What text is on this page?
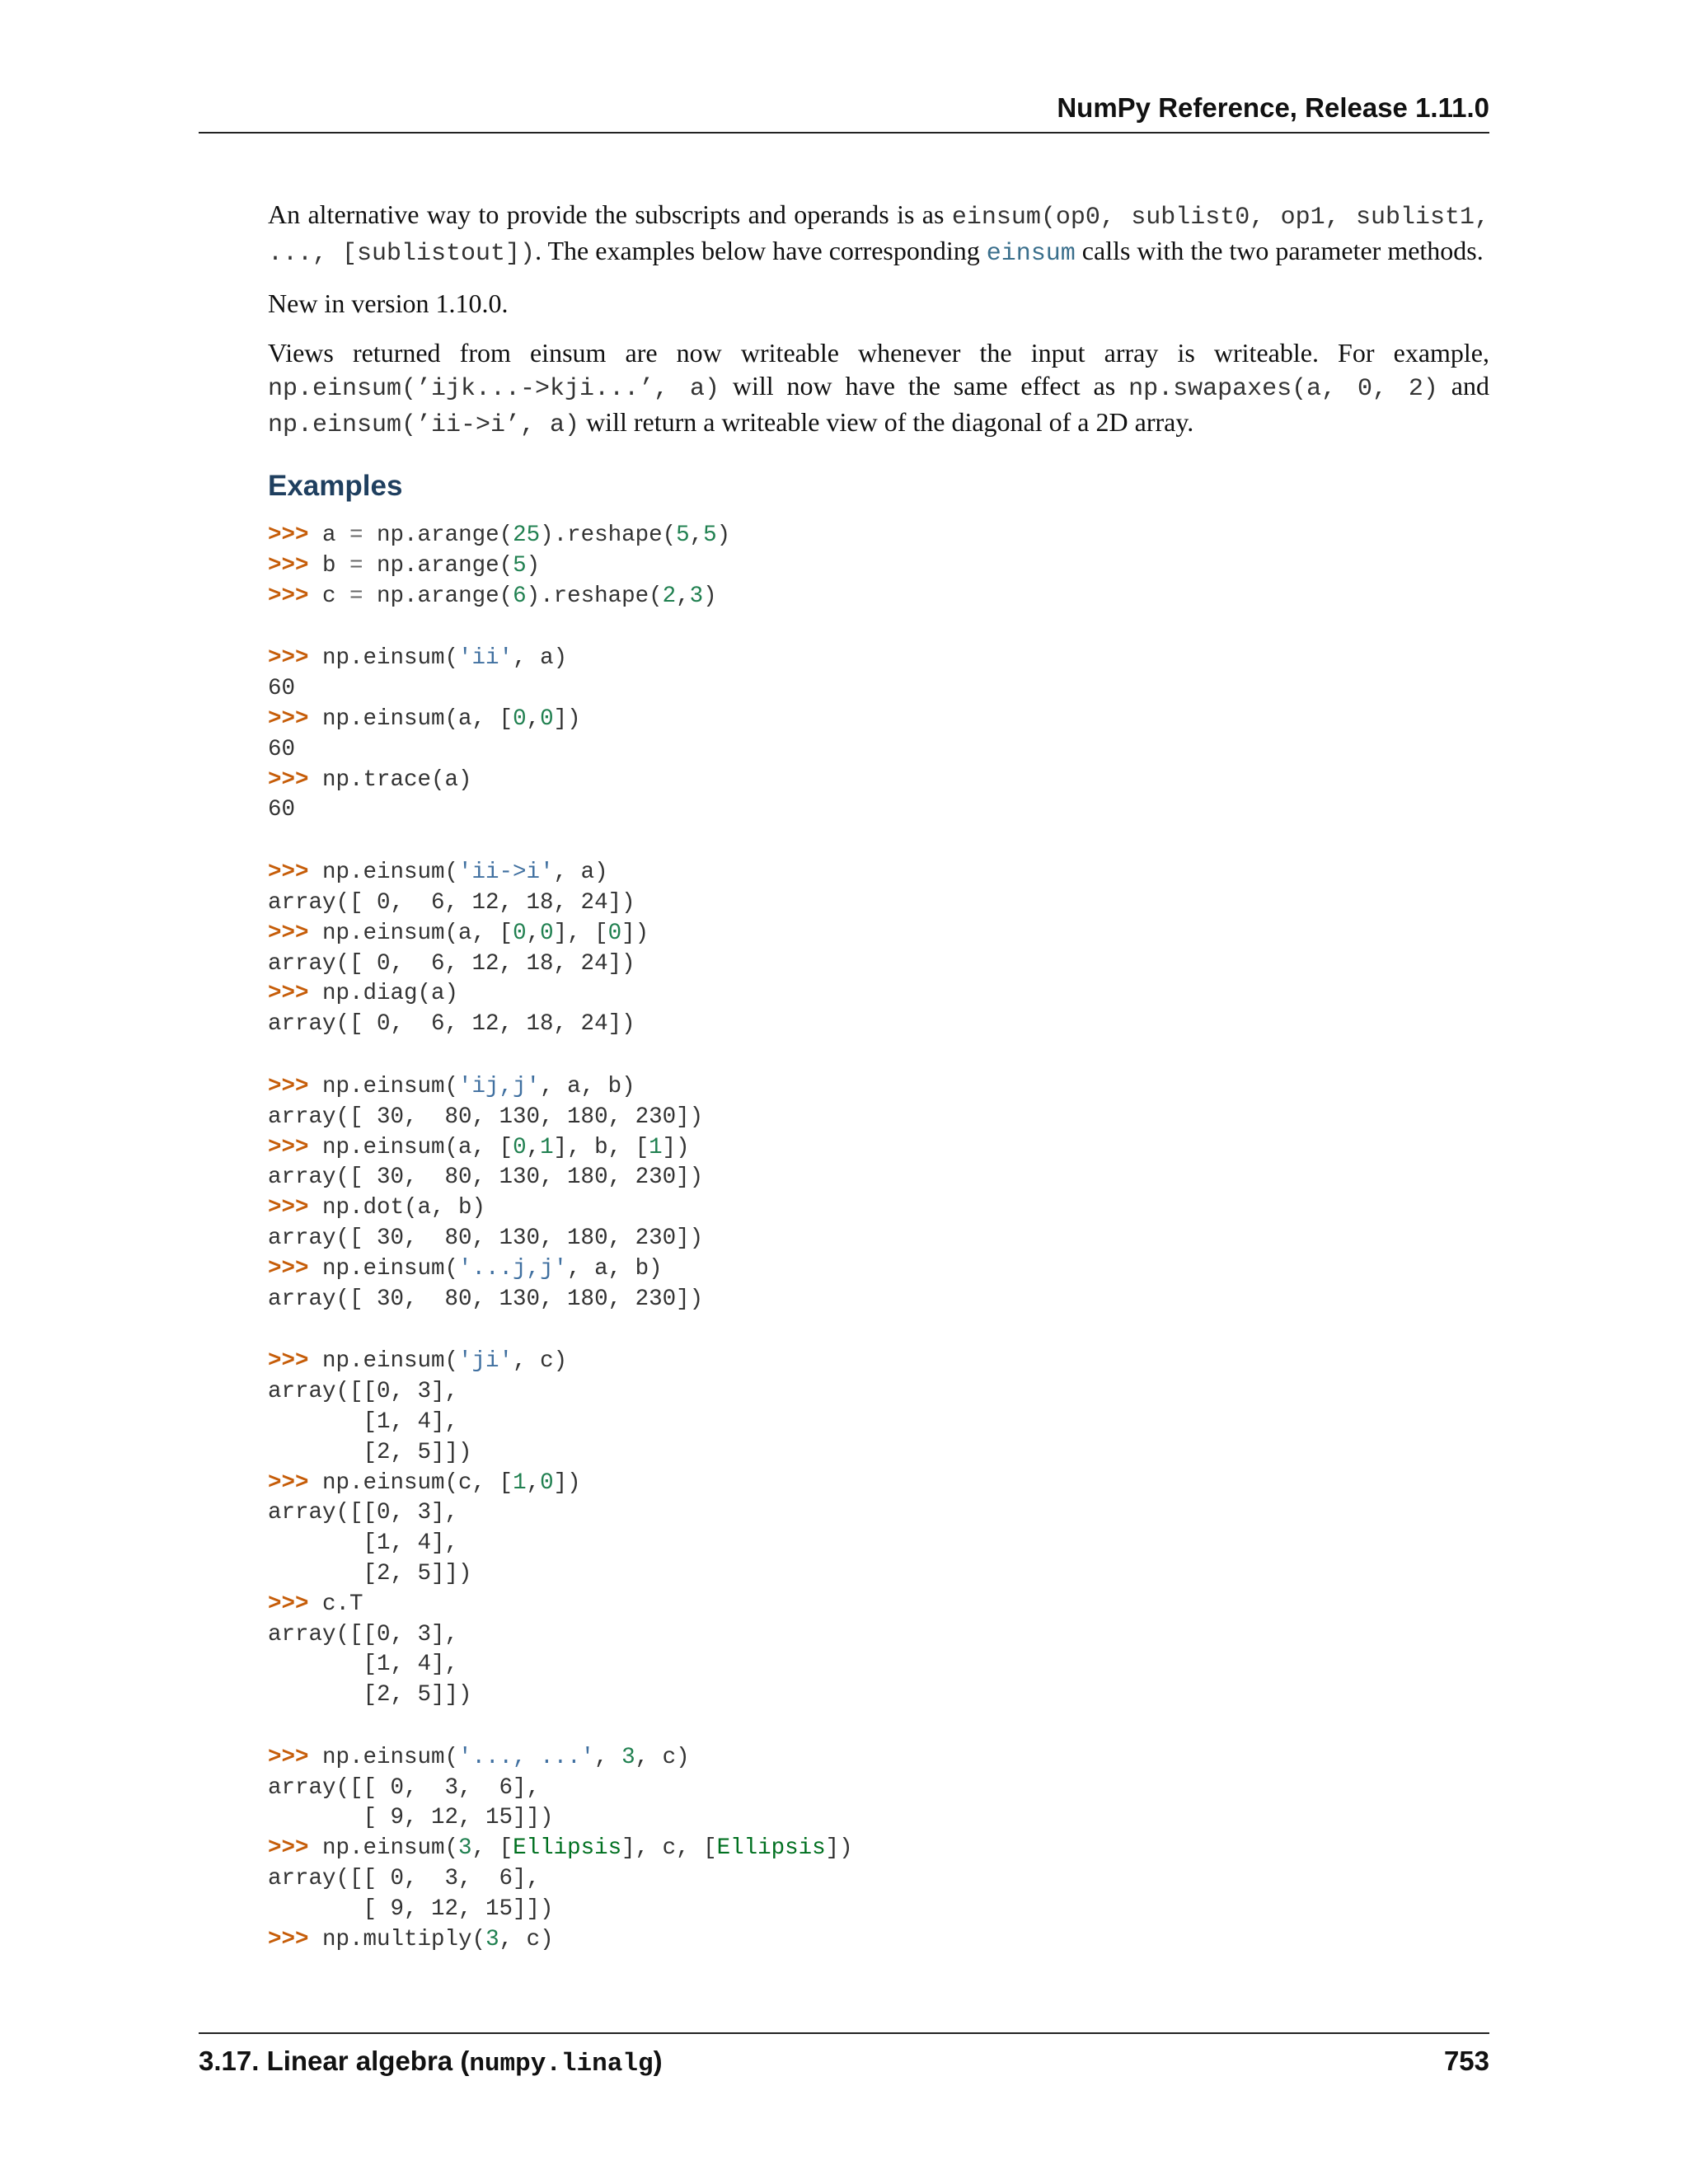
NumPy Reference, Release 1.11.0

An alternative way to provide the subscripts and operands is as einsum(op0, sublist0, op1, sublist1, ..., [sublistout]). The examples below have corresponding einsum calls with the two parameter methods.

New in version 1.10.0.

Views returned from einsum are now writeable whenever the input array is writeable. For example, np.einsum(’ijk...->kji...’, a) will now have the same effect as np.swapaxes(a, 0, 2) and np.einsum(’ii->i’, a) will return a writeable view of the diagonal of a 2D array.

Examples
>>> a = np.arange(25).reshape(5,5)
>>> b = np.arange(5)
>>> c = np.arange(6).reshape(2,3)
>>> np.einsum('ii', a)
60
>>> np.einsum(a, [0,0])
60
>>> np.trace(a)
60
>>> np.einsum('ii->i', a)
array([ 0,  6, 12, 18, 24])
>>> np.einsum(a, [0,0], [0])
array([ 0,  6, 12, 18, 24])
>>> np.diag(a)
array([ 0,  6, 12, 18, 24])
>>> np.einsum('ij,j', a, b)
array([ 30,  80, 130, 180, 230])
>>> np.einsum(a, [0,1], b, [1])
array([ 30,  80, 130, 180, 230])
>>> np.dot(a, b)
array([ 30,  80, 130, 180, 230])
>>> np.einsum('...j,j', a, b)
array([ 30,  80, 130, 180, 230])
>>> np.einsum('ji', c)
array([[0, 3],
[1, 4],
[2, 5]])
>>> np.einsum(c, [1,0])
array([[0, 3],
[1, 4],
[2, 5]])
>>> c.T
array([[0, 3],
[1, 4],
[2, 5]])
>>> np.einsum('..., ...', 3, c)
array([[ 0,  3,  6],
[ 9, 12, 15]])
>>> np.einsum(3, [Ellipsis], c, [Ellipsis])
array([[ 0,  3,  6],
[ 9, 12, 15]])
>>> np.multiply(3, c)
3.17. Linear algebra (numpy.linalg)	753
